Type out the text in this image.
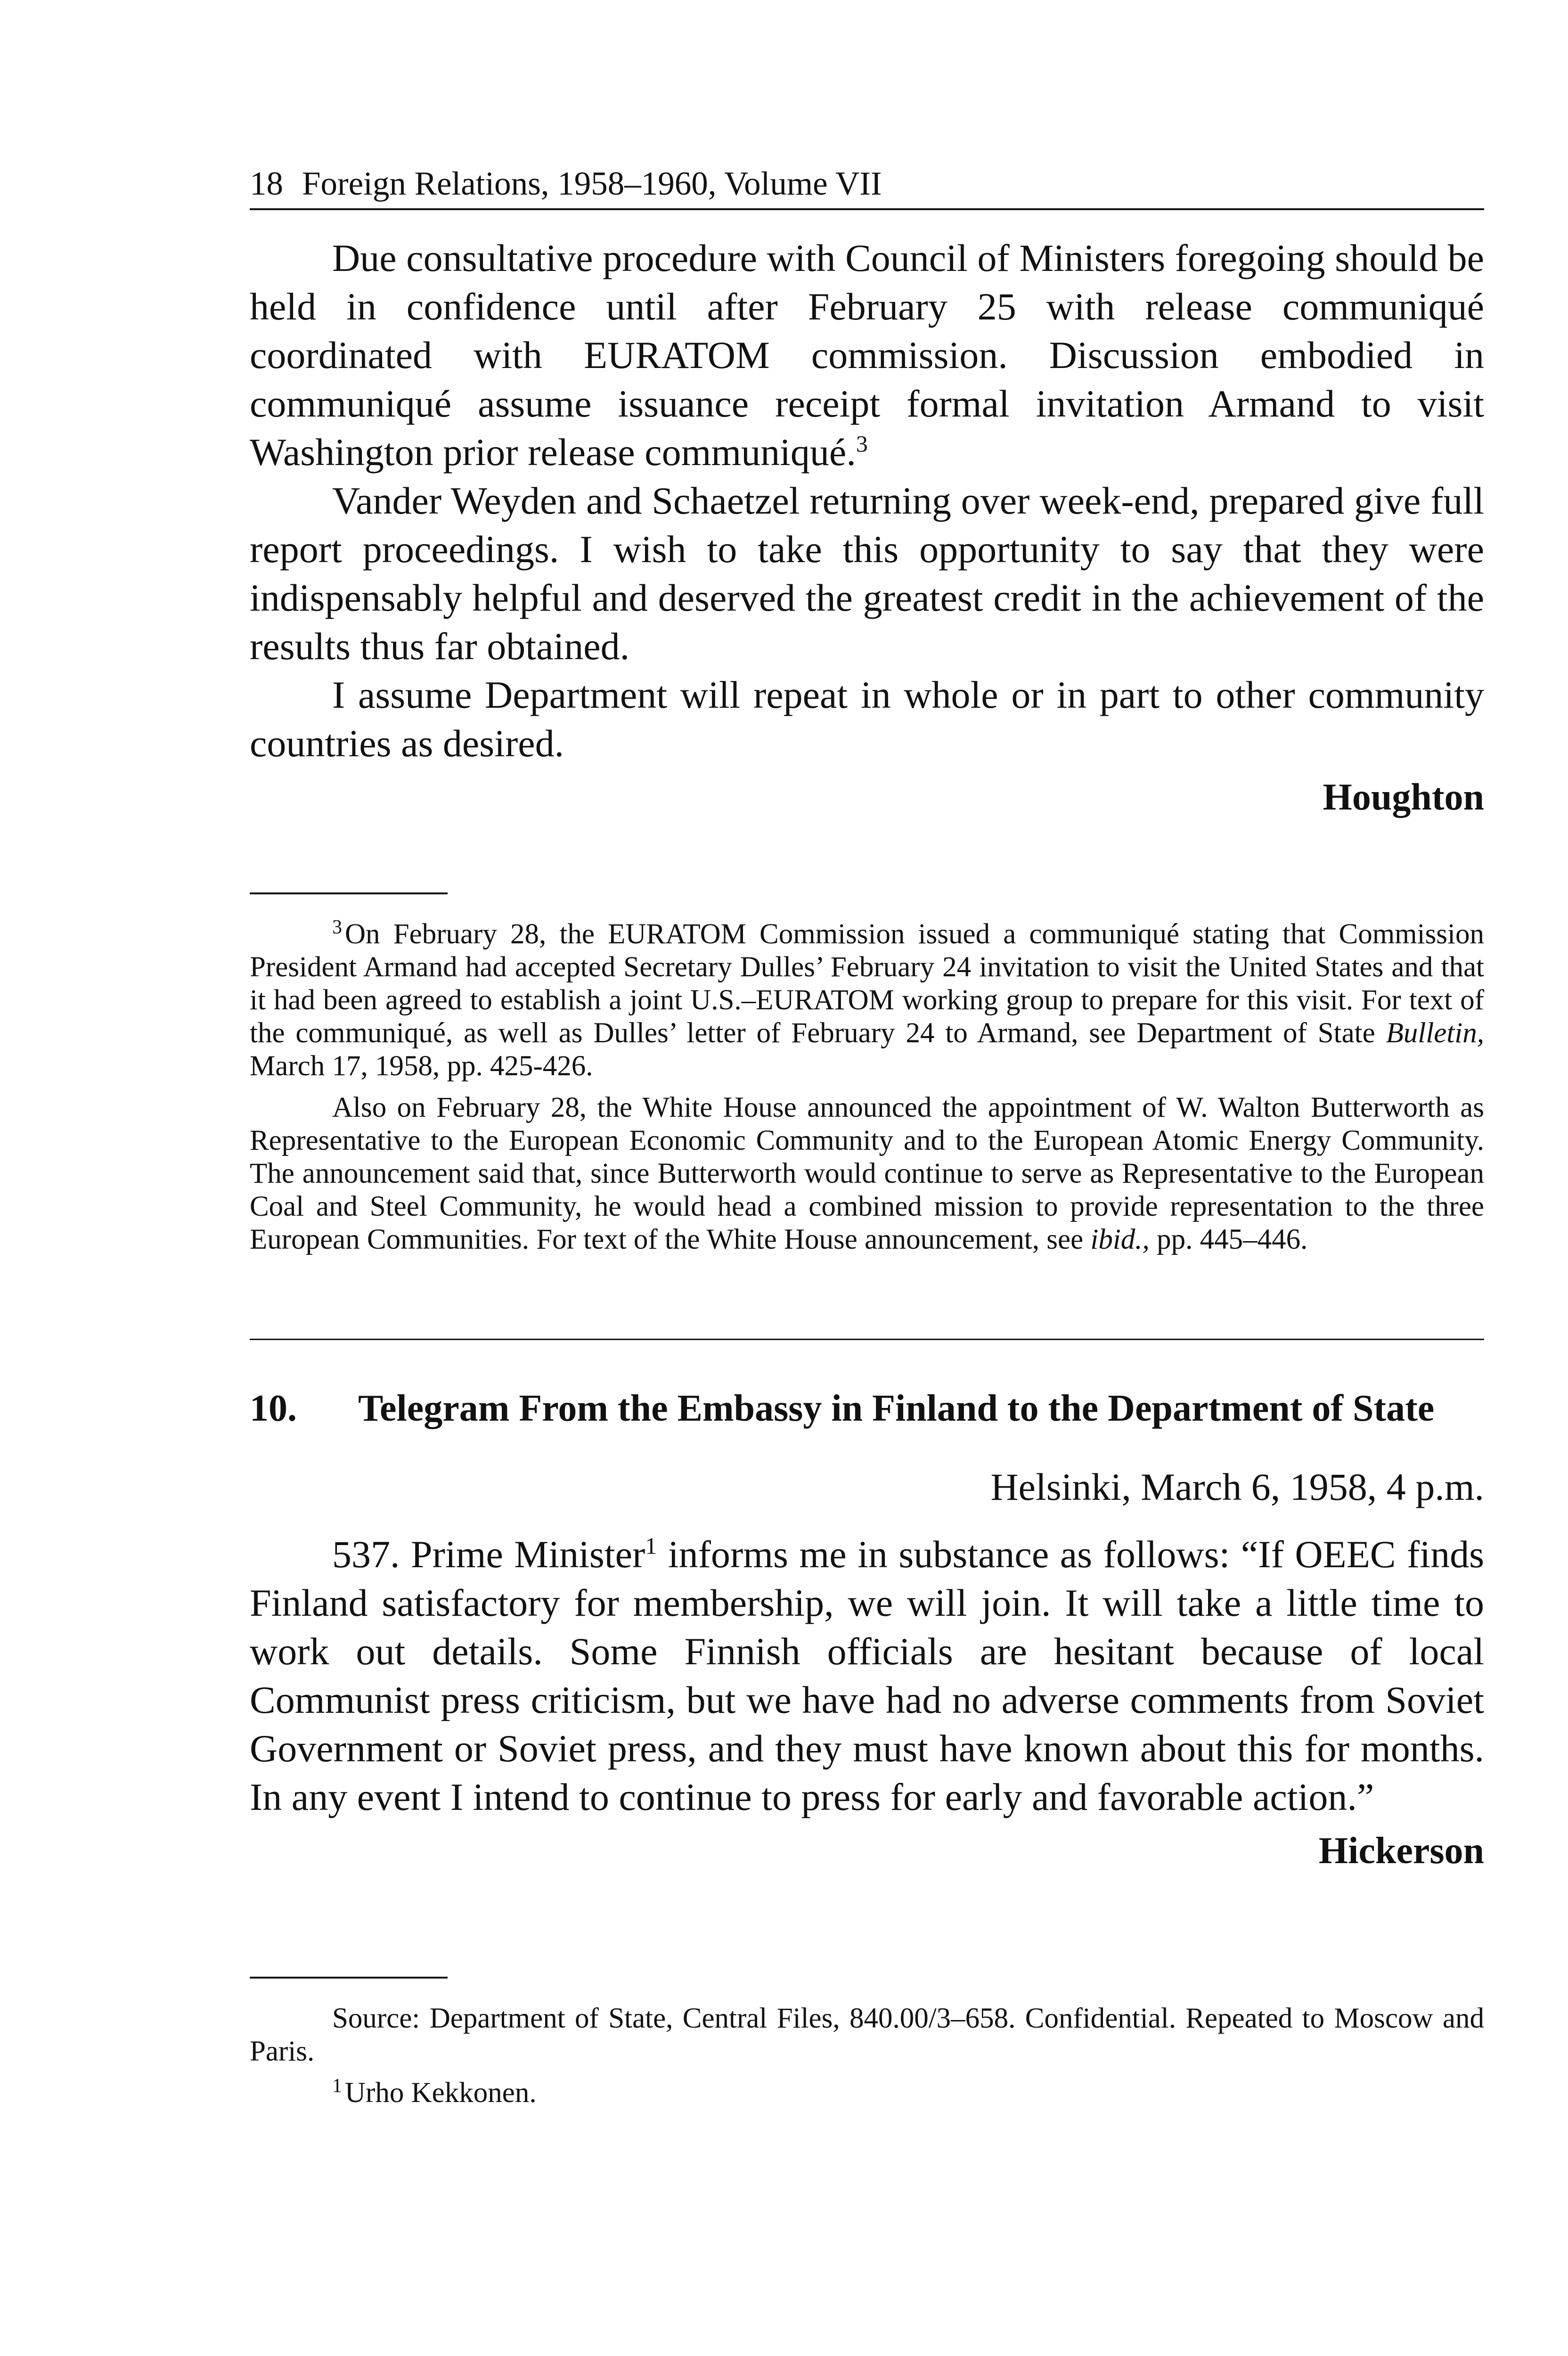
18 Foreign Relations, 1958–1960, Volume VII

Due consultative procedure with Council of Ministers foregoing should be held in confidence until after February 25 with release communiqué coordinated with EURATOM commission. Discussion embodied in communiqué assume issuance receipt formal invitation Armand to visit Washington prior release communiqué.$^3$

Vander Weyden and Schaetzel returning over week-end, prepared give full report proceedings. I wish to take this opportunity to say that they were indispensably helpful and deserved the greatest credit in the achievement of the results thus far obtained.

I assume Department will repeat in whole or in part to other community countries as desired.

Houghton

$^3$On February 28, the EURATOM Commission issued a communiqué stating that Commission President Armand had accepted Secretary Dulles’ February 24 invitation to visit the United States and that it had been agreed to establish a joint U.S.–EURATOM working group to prepare for this visit. For text of the communiqué, as well as Dulles’ letter of February 24 to Armand, see Department of State Bulletin, March 17, 1958, pp. 425-426.

Also on February 28, the White House announced the appointment of W. Walton Butterworth as Representative to the European Economic Community and to the European Atomic Energy Community. The announcement said that, since Butterworth would continue to serve as Representative to the European Coal and Steel Community, he would head a combined mission to provide representation to the three European Communities. For text of the White House announcement, see ibid., pp. 445–446.

10.	Telegram From the Embassy in Finland to the Department of State
Helsinki, March 6, 1958, 4 p.m.

537. Prime Minister$^1$ informs me in substance as follows: “If OEEC finds Finland satisfactory for membership, we will join. It will take a little time to work out details. Some Finnish officials are hesitant because of local Communist press criticism, but we have had no adverse comments from Soviet Government or Soviet press, and they must have known about this for months. In any event I intend to continue to press for early and favorable action.”

Hickerson

Source: Department of State, Central Files, 840.00/3–658. Confidential. Repeated to Moscow and Paris.

$^1$Urho Kekkonen.
